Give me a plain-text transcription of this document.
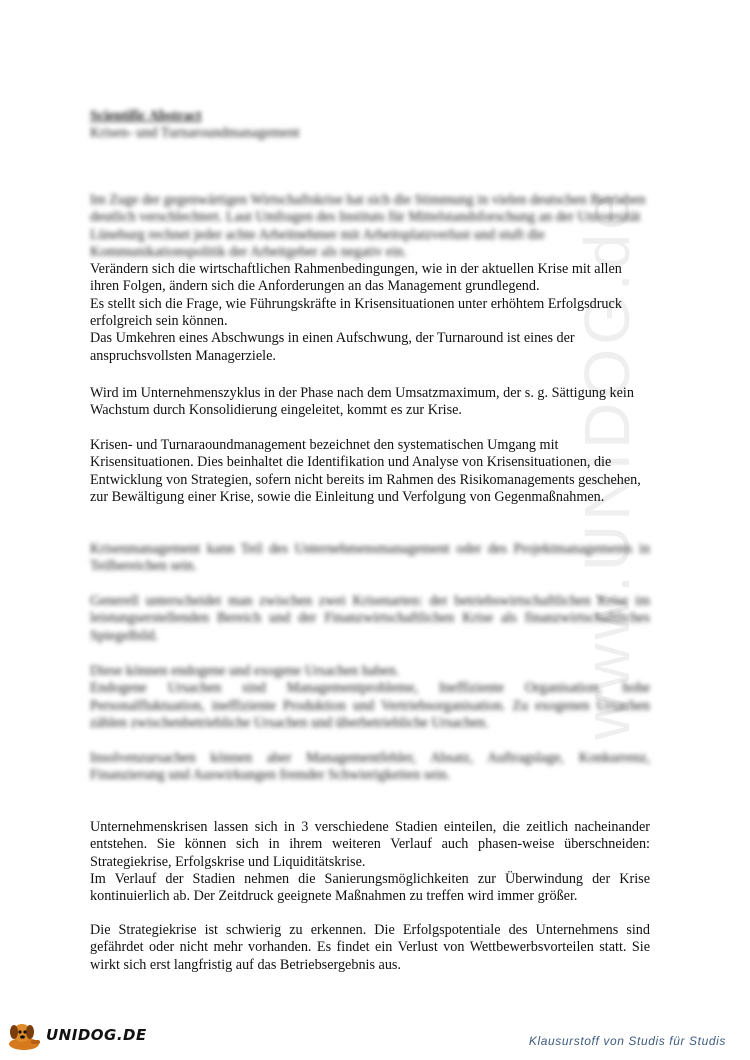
www.UNIDOG.de

Scientific Abstract

Krisen- und Turnaroundmanagement

Im Zuge der gegenwärtigen Wirtschaftskrise hat sich die Stimmung in vielen deutschen Betrieben deutlich verschlechtert. Laut Umfragen des Instituts für Mittelstandsforschung an der Universität Lüneburg rechnet jeder achte Arbeitnehmer mit Arbeitsplatzverlust und stuft die Kommunikationspolitik der Arbeitgeber als negativ ein.

Verändern sich die wirtschaftlichen Rahmenbedingungen, wie in der aktuellen Krise mit allen ihren Folgen, ändern sich die Anforderungen an das Management grundlegend.

Es stellt sich die Frage, wie Führungskräfte in Krisensituationen unter erhöhtem Erfolgsdruck erfolgreich sein können.

Das Umkehren eines Abschwungs in einen Aufschwung, der Turnaround ist eines der anspruchsvollsten Managerziele.

Wird im Unternehmenszyklus in der Phase nach dem Umsatzmaximum, der s. g. Sättigung kein Wachstum durch Konsolidierung eingeleitet, kommt es zur Krise.

Krisen- und Turnaraoundmanagement bezeichnet den systematischen Umgang mit Krisensituationen. Dies beinhaltet die Identifikation und Analyse von Krisensituationen, die Entwicklung von Strategien, sofern nicht bereits im Rahmen des Risikomanagements geschehen, zur Bewältigung einer Krise, sowie die Einleitung und Verfolgung von Gegenmaßnahmen.

Krisenmanagement kann Teil des Unternehmensmanagement oder des Projektmanagements in Teilbereichen sein.

Generell unterscheidet man zwischen zwei Krisenarten: der betriebswirtschaftlichen Krise im leistungserstellenden Bereich und der Finanzwirtschaftlichen Krise als finanzwirtschaftliches Spiegelbild.

Diese können endogene und exogene Ursachen haben.

Endogene Ursachen sind Managementprobleme, Ineffiziente Organisation, hohe Personalfluktuation, ineffiziente Produktion und Vertriebsorganisation. Zu exogenen Ursachen zählen zwischenbetriebliche Ursachen und überbetriebliche Ursachen.

Insolvenzursachen können aber Managementfehler, Absatz, Auftragslage, Konkurrenz, Finanzierung und Auswirkungen fremder Schwierigkeiten sein.

Unternehmenskrisen lassen sich in 3 verschiedene Stadien einteilen, die zeitlich nacheinander entstehen. Sie können sich in ihrem weiteren Verlauf auch phasen-weise überschneiden: Strategiekrise, Erfolgskrise und Liquiditätskrise.

Im Verlauf der Stadien nehmen die Sanierungsmöglichkeiten zur Überwindung der Krise kontinuierlich ab. Der Zeitdruck geeignete Maßnahmen zu treffen wird immer größer.

Die Strategiekrise ist schwierig zu erkennen. Die Erfolgspotentiale des Unternehmens sind gefährdet oder nicht mehr vorhanden. Es findet ein Verlust von Wettbewerbsvorteilen statt. Sie wirkt sich erst langfristig auf das Betriebsergebnis aus.

UNIDOG.DE	Klausurstoff von Studis für Studis
